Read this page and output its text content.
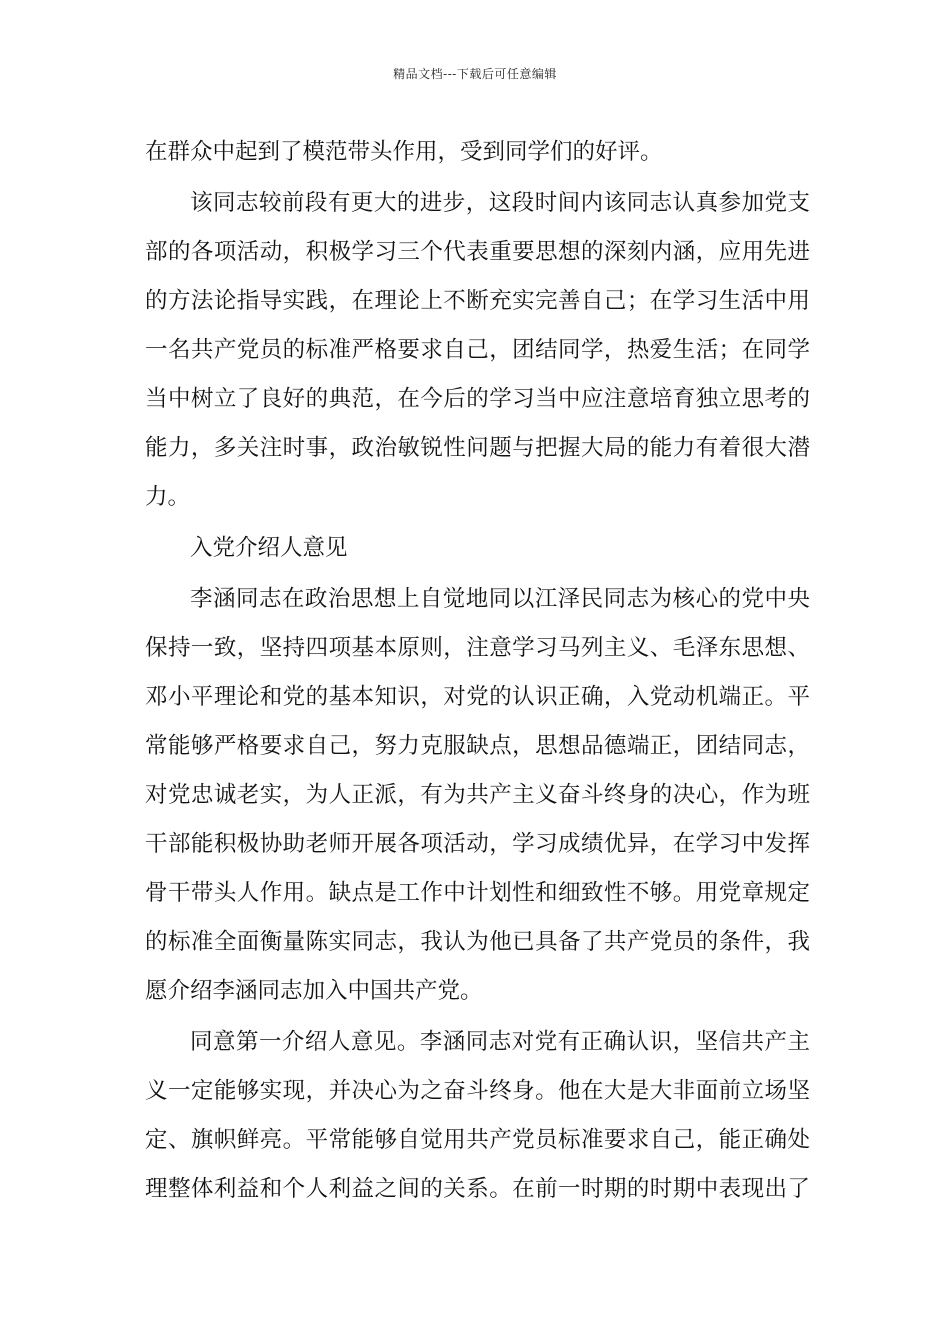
精品文档---下载后可任意编辑
在群众中起到了模范带头作用，受到同学们的好评。
该同志较前段有更大的进步，这段时间内该同志认真参加党支
部的各项活动，积极学习三个代表重要思想的深刻内涵，应用先进
的方法论指导实践，在理论上不断充实完善自己；在学习生活中用
一名共产党员的标准严格要求自己，团结同学，热爱生活；在同学
当中树立了良好的典范，在今后的学习当中应注意培育独立思考的
能力，多关注时事，政治敏锐性问题与把握大局的能力有着很大潜
力。
入党介绍人意见
李涵同志在政治思想上自觉地同以江泽民同志为核心的党中央
保持一致，坚持四项基本原则，注意学习马列主义、毛泽东思想、
邓小平理论和党的基本知识，对党的认识正确，入党动机端正。平
常能够严格要求自己，努力克服缺点，思想品德端正，团结同志，
对党忠诚老实，为人正派，有为共产主义奋斗终身的决心，作为班
干部能积极协助老师开展各项活动，学习成绩优异，在学习中发挥
骨干带头人作用。缺点是工作中计划性和细致性不够。用党章规定
的标准全面衡量陈实同志，我认为他已具备了共产党员的条件，我
愿介绍李涵同志加入中国共产党。
同意第一介绍人意见。李涵同志对党有正确认识，坚信共产主
义一定能够实现，并决心为之奋斗终身。他在大是大非面前立场坚
定、旗帜鲜亮。平常能够自觉用共产党员标准要求自己，能正确处
理整体利益和个人利益之间的关系。在前一时期的时期中表现出了
